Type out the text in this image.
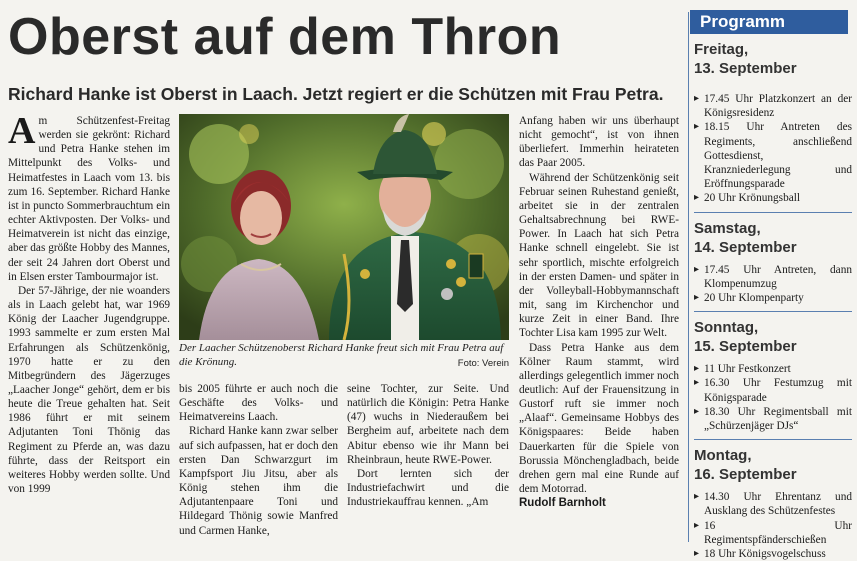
Oberst auf dem Thron
Richard Hanke ist Oberst in Laach. Jetzt regiert er die Schützen mit Frau Petra.

Am Schützenfest-Freitag werden sie gekrönt: Richard und Petra Hanke stehen im Mittelpunkt des Volks- und Heimatfestes in Laach vom 13. bis zum 16. September. Richard Hanke ist in puncto Sommerbrauchtum ein echter Aktivposten. Der Volks- und Heimatverein ist nicht das einzige, aber das größte Hobby des Mannes, der seit 24 Jahren dort Oberst und in Elsen erster Tambourmajor ist.

Der 57-Jährige, der nie woanders als in Laach gelebt hat, war 1969 König der Laacher Jugendgruppe. 1993 sammelte er zum ersten Mal Erfahrungen als Schützenkönig, 1970 hatte er zu den Mitbegründern des Jägerzuges „Laacher Jonge“ gehört, dem er bis heute die Treue gehalten hat. Seit 1986 führt er mit seinem Adjutanten Toni Thönig das Regiment zu Pferde an, was dazu führte, dass der Reitsport ein weiteres Hobby werden sollte. Und von 1999

Der Laacher Schützenoberst Richard Hanke freut sich mit Frau Petra auf die Krönung.	Foto: Verein

bis 2005 führte er auch noch die Geschäfte des Volks- und Heimatvereins Laach.

Richard Hanke kann zwar selber auf sich aufpassen, hat er doch den ersten Dan Schwarzgurt im Kampfsport Jiu Jitsu, aber als König stehen ihm die Adjutantenpaare Toni und Hildegard Thönig sowie Manfred und Carmen Hanke,

seine Tochter, zur Seite. Und natürlich die Königin: Petra Hanke (47) wuchs in Niederaußem bei Bergheim auf, arbeitete nach dem Abitur ebenso wie ihr Mann bei Rheinbraun, heute RWE-Power.

Dort lernten sich der Industriefachwirt und die Industriekauffrau kennen. „Am

Anfang haben wir uns überhaupt nicht gemocht“, ist von ihnen überliefert. Immerhin heirateten das Paar 2005.

Während der Schützenkönig seit Februar seinen Ruhestand genießt, arbeitet sie in der zentralen Gehaltsabrechnung bei RWE-Power. In Laach hat sich Petra Hanke schnell eingelebt. Sie ist sehr sportlich, mischte erfolgreich in der ersten Damen- und später in der Volleyball-Hobbymannschaft mit, sang im Kirchenchor und kurze Zeit in einer Band. Ihre Tochter Lisa kam 1995 zur Welt.

Dass Petra Hanke aus dem Kölner Raum stammt, wird allerdings gelegentlich immer noch deutlich: Auf der Frauensitzung in Gustorf ruft sie immer noch „Alaaf“. Gemeinsame Hobbys des Königspaares: Beide haben Dauerkarten für die Spiele von Borussia Mönchengladbach, beide drehen gern mal eine Runde auf dem Motorrad.

Rudolf Barnholt

Programm
Freitag,
13. September
▸ 17.45 Uhr Platzkonzert an der Königsresidenz
▸ 18.15 Uhr Antreten des Regiments, anschließend Gottesdienst, Kranzniederlegung und Eröffnungsparade
▸ 20 Uhr Krönungsball
Samstag,
14. September
▸ 17.45 Uhr Antreten, dann Klompenumzug
▸ 20 Uhr Klompenparty
Sonntag,
15. September
▸ 11 Uhr Festkonzert
▸ 16.30 Uhr Festumzug mit Königsparade
▸ 18.30 Uhr Regimentsball mit „Schürzenjäger DJs“
Montag,
16. September
▸ 14.30 Uhr Ehrentanz und Ausklang des Schützenfestes
▸ 16 Uhr Regimentspfänderschießen
▸ 18 Uhr Königsvogelschuss
